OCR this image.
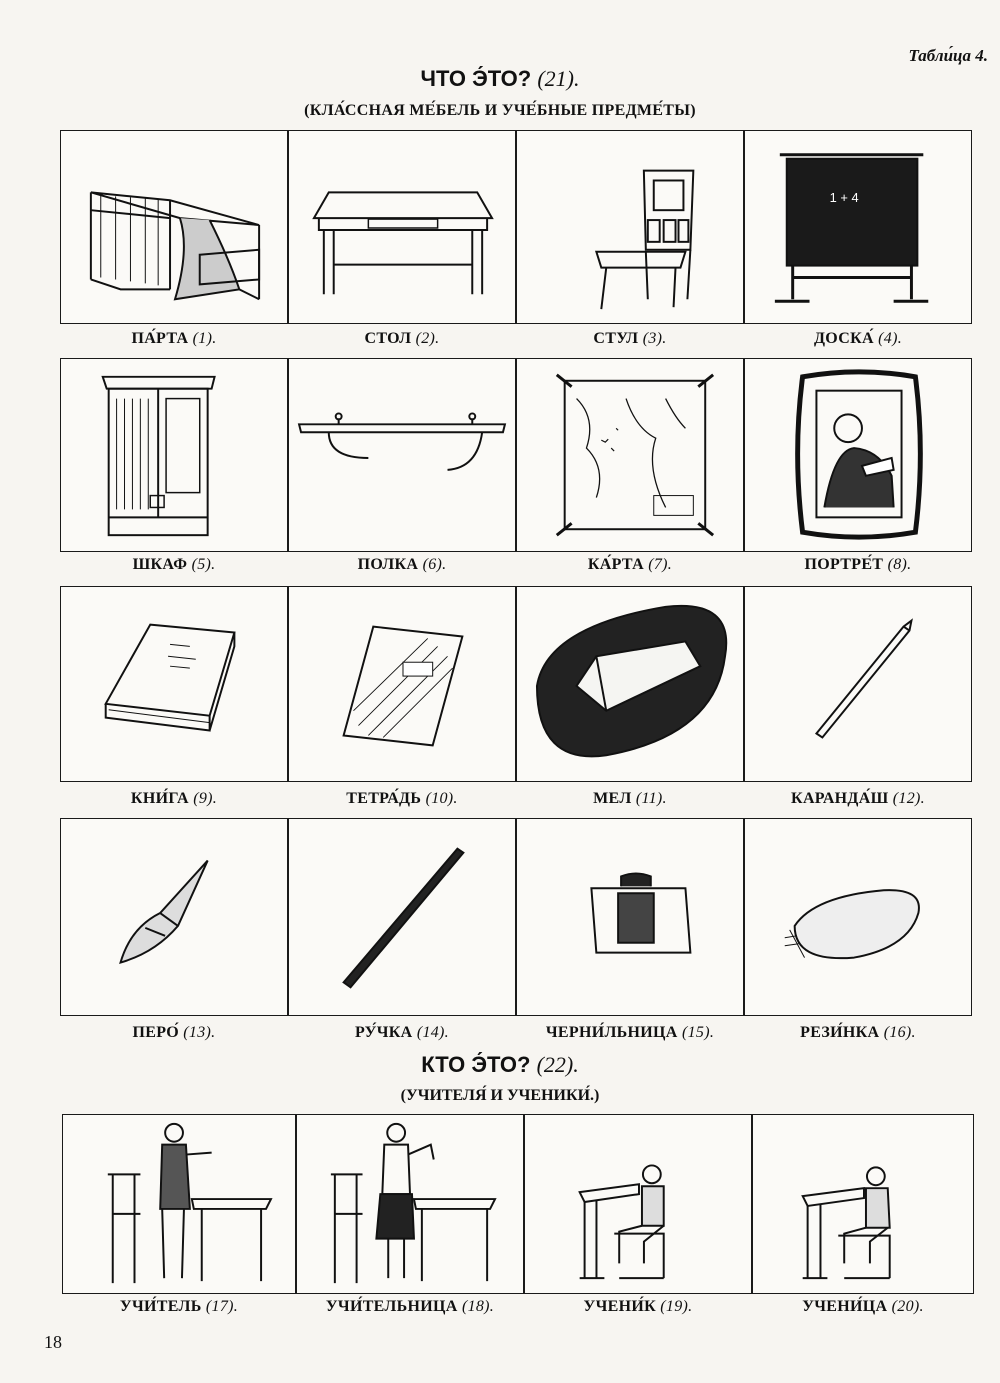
Табли́ца 4.
ЧТО Э́ТО? (21).
(КЛА́ССНАЯ МЕ́БЕЛЬ И УЧЕ́БНЫЕ ПРЕДМЕ́ТЫ)
1 + 4
ПА́РТА (1).	СТОЛ (2).	СТУЛ (3).	ДОСКА́ (4).
ШКАФ (5).	ПОЛКА (6).	КА́РТА (7).	ПОРТРЕ́Т (8).
КНИ́ГА (9).	ТЕТРА́ДЬ (10).	МЕЛ (11).	КАРАНДА́Ш (12).
ПЕРО́ (13).	РУ́ЧКА (14).	ЧЕРНИ́ЛЬНИЦА (15).	РЕЗИ́НКА (16).
КТО Э́ТО? (22).
(УЧИТЕЛЯ́ И УЧЕНИКИ́.)
УЧИ́ТЕЛЬ (17).	УЧИ́ТЕЛЬНИЦА (18).	УЧЕНИ́К (19).	УЧЕНИ́ЦА (20).
18
